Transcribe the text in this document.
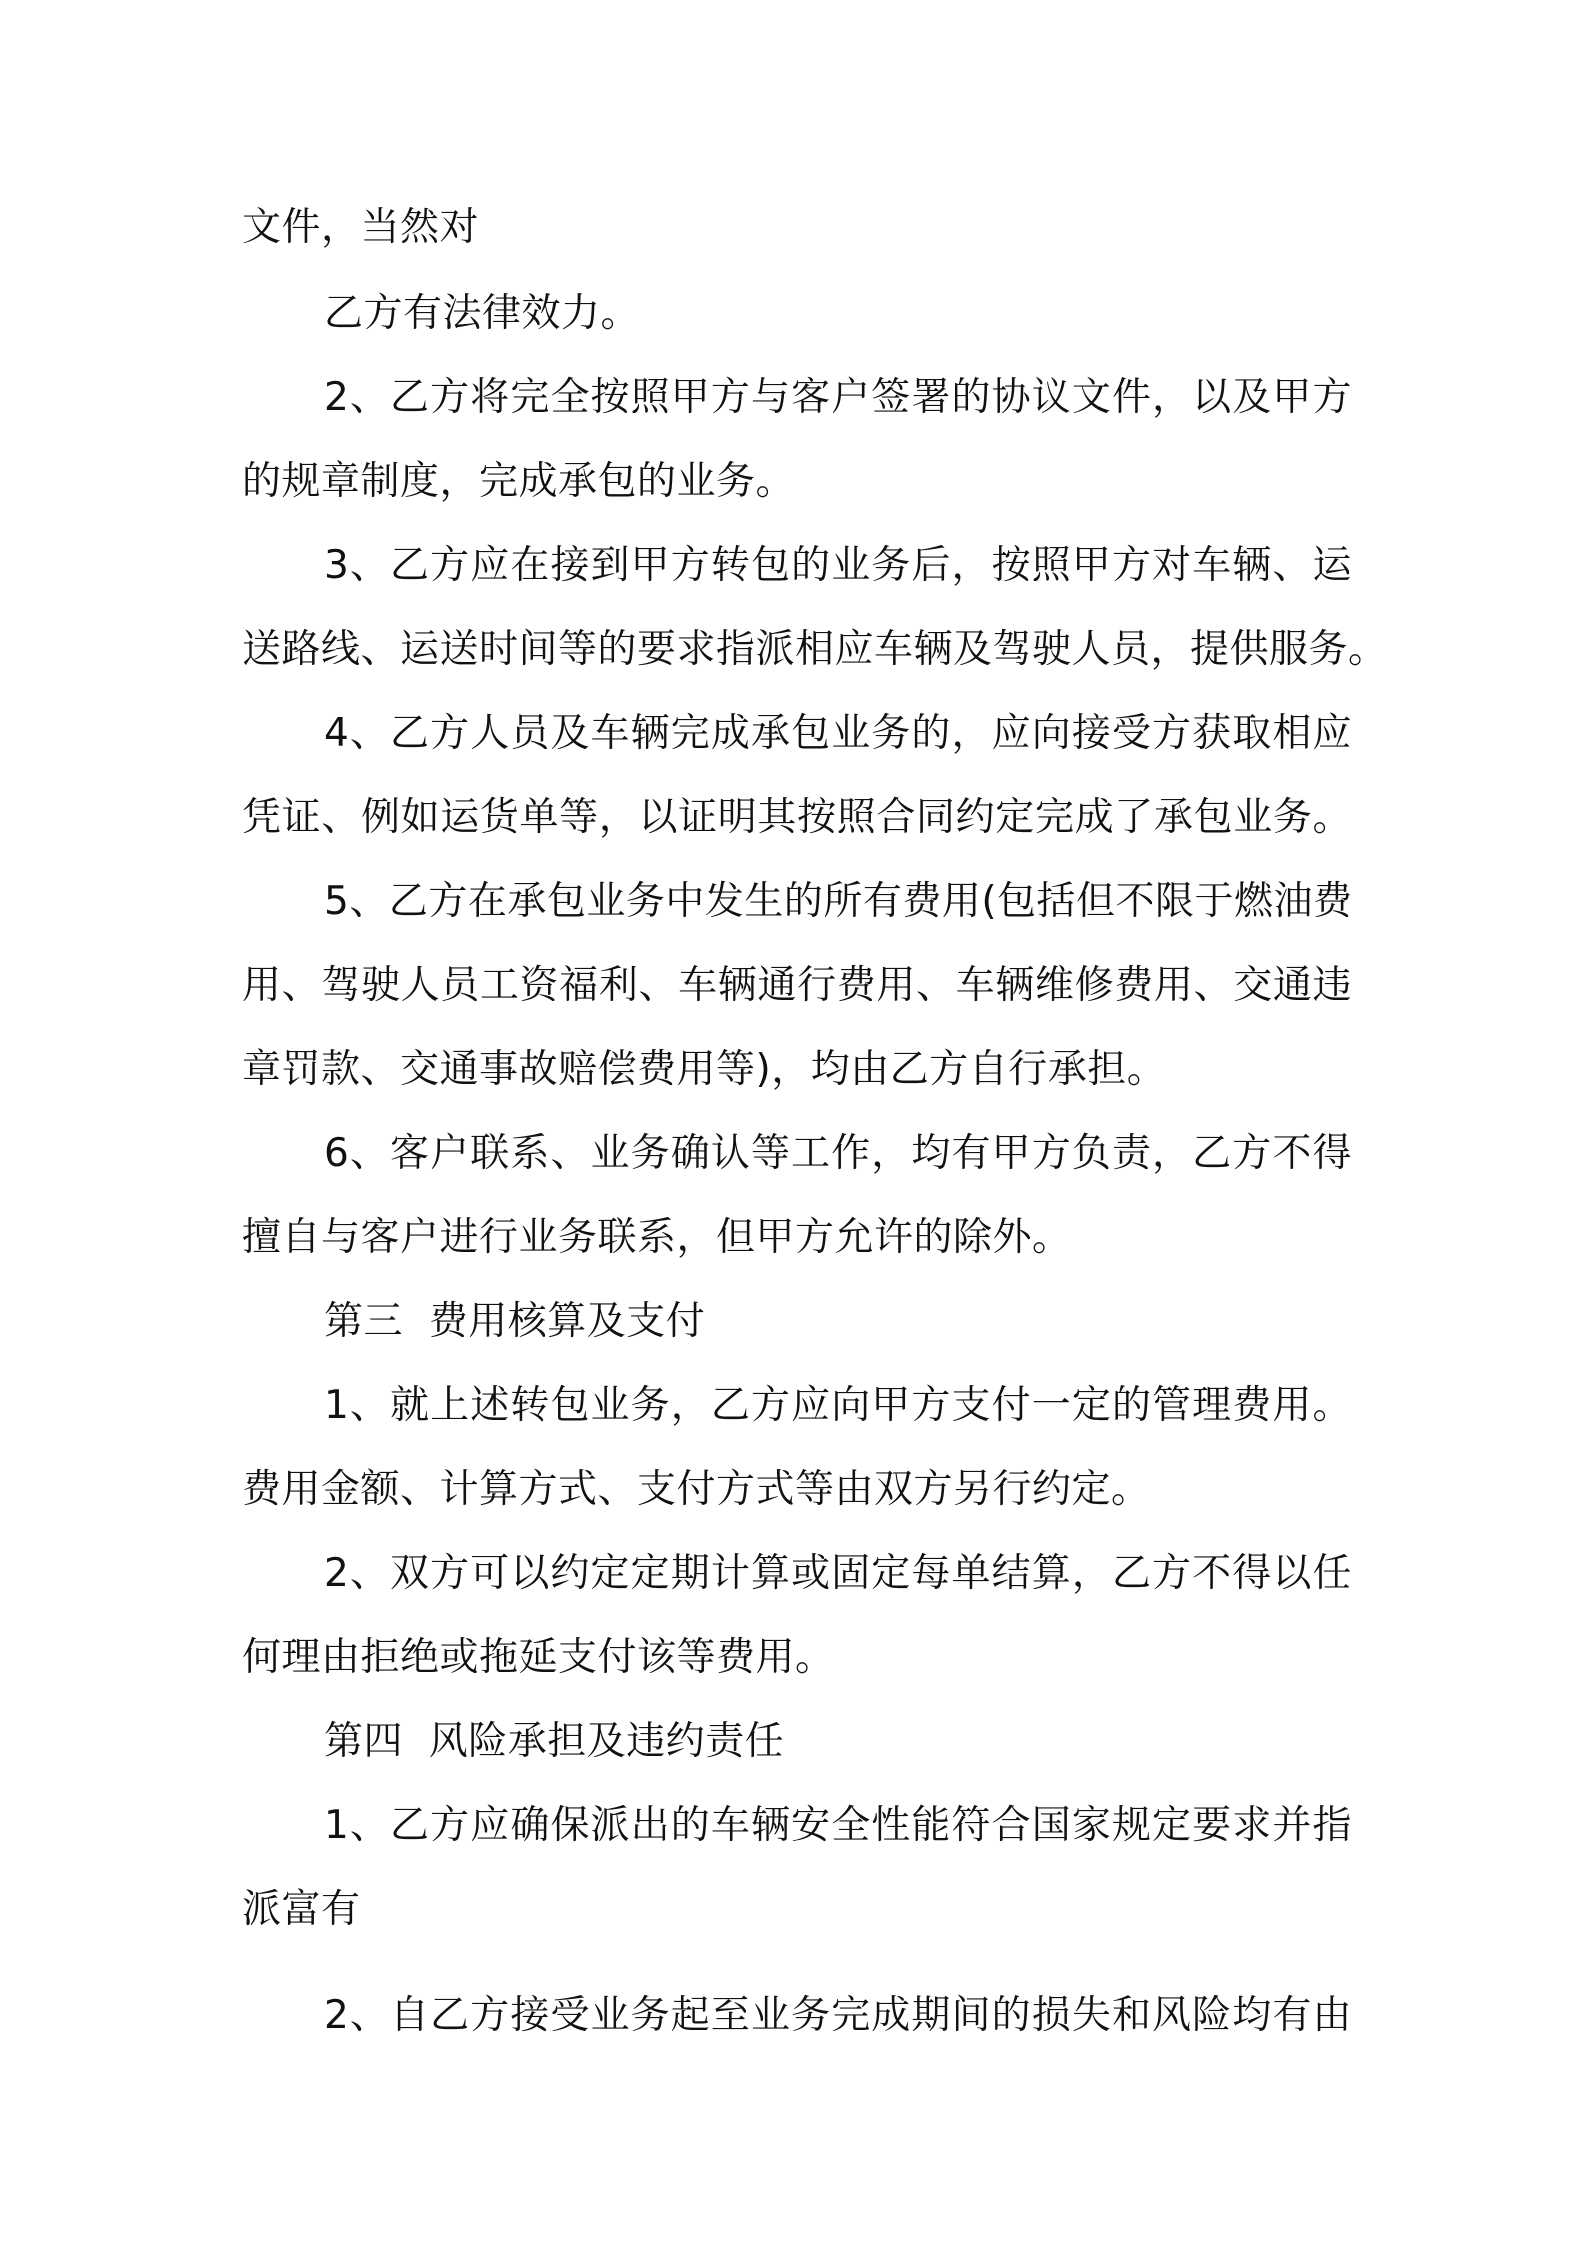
文件，当然对
乙方有法律效力。
2、乙方将完全按照甲方与客户签署的协议文件，以及甲方
的规章制度，完成承包的业务。
3、乙方应在接到甲方转包的业务后，按照甲方对车辆、运
送路线、运送时间等的要求指派相应车辆及驾驶人员，提供服务。
4、乙方人员及车辆完成承包业务的，应向接受方获取相应
凭证、例如运货单等，以证明其按照合同约定完成了承包业务。
5、乙方在承包业务中发生的所有费用(包括但不限于燃油费
用、驾驶人员工资福利、车辆通行费用、车辆维修费用、交通违
章罚款、交通事故赔偿费用等)，均由乙方自行承担。
6、客户联系、业务确认等工作，均有甲方负责，乙方不得
擅自与客户进行业务联系，但甲方允许的除外。
第三  费用核算及支付
1、就上述转包业务，乙方应向甲方支付一定的管理费用。
费用金额、计算方式、支付方式等由双方另行约定。
2、双方可以约定定期计算或固定每单结算，乙方不得以任
何理由拒绝或拖延支付该等费用。
第四  风险承担及违约责任
1、乙方应确保派出的车辆安全性能符合国家规定要求并指
派富有
2、自乙方接受业务起至业务完成期间的损失和风险均有由
